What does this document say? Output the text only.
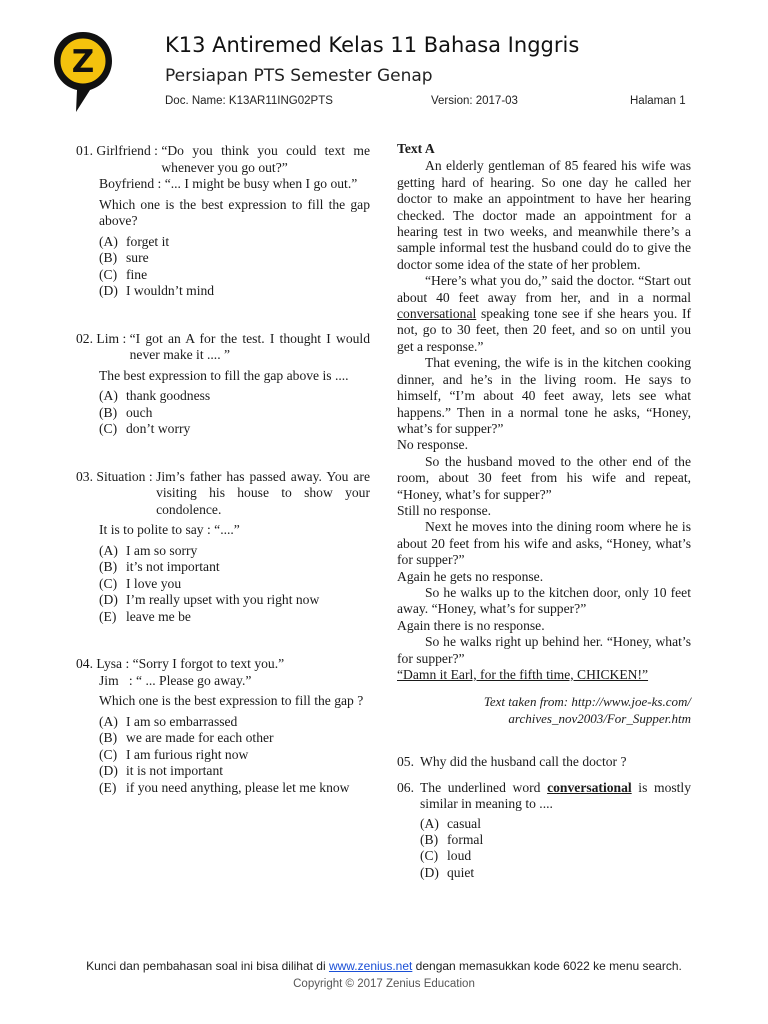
Z	K13 Antiremed Kelas 11 Bahasa Inggris
Persiapan PTS Semester Genap
Doc. Name: K13AR11ING02PTS	Version: 2017-03	Halaman 1
01. Girlfriend : “Do you think you could text me whenever you go out?”
Boyfriend : “... I might be busy when I go out.”
Which one is the best expression to fill the gap above?
(A) forget it
(B) sure
(C) fine
(D) I wouldn’t mind
02. Lim : “I got an A for the test. I thought I would never make it .... ”
The best expression to fill the gap above is ....
(A) thank goodness
(B) ouch
(C) don’t worry
03. Situation : Jim’s father has passed away. You are visiting his house to show your condolence.
It is to polite to say : “....”
(A) I am so sorry
(B) it’s not important
(C) I love you
(D) I’m really upset with you right now
(E) leave me be
04. Lysa : “Sorry I forgot to text you.”
Jim   : “ ... Please go away.”
Which one is the best expression to fill the gap ?
(A) I am so embarrassed
(B) we are made for each other
(C) I am furious right now
(D) it is not important
(E) if you need anything, please let me know
Text A
An elderly gentleman of 85 feared his wife was getting hard of hearing. So one day he called her doctor to make an appointment to have her hearing checked. The doctor made an appointment for a hearing test in two weeks, and meanwhile there’s a sample informal test the husband could do to give the doctor some idea of the state of her problem.
“Here’s what you do,” said the doctor. “Start out about 40 feet away from her, and in a normal conversational speaking tone see if she hears you. If not, go to 30 feet, then 20 feet, and so on until you get a response.”
That evening, the wife is in the kitchen cooking dinner, and he’s in the living room. He says to himself, “I’m about 40 feet away, lets see what happens.” Then in a normal tone he asks, “Honey, what’s for supper?”
No response.
So the husband moved to the other end of the room, about 30 feet from his wife and repeat, “Honey, what’s for supper?”
Still no response.
Next he moves into the dining room where he is about 20 feet from his wife and asks, “Honey, what’s for supper?”
Again he gets no response.
So he walks up to the kitchen door, only 10 feet away. “Honey, what’s for supper?”
Again there is no response.
So he walks right up behind her. “Honey, what’s for supper?”
“Damn it Earl, for the fifth time, CHICKEN!”
Text taken from: http://www.joe-ks.com/
archives_nov2003/For_Supper.htm
05. Why did the husband call the doctor ?
06. The underlined word conversational is mostly similar in meaning to ....
(A) casual
(B) formal
(C) loud
(D) quiet
Kunci dan pembahasan soal ini bisa dilihat di www.zenius.net dengan memasukkan kode 6022 ke menu search.
Copyright © 2017 Zenius Education
